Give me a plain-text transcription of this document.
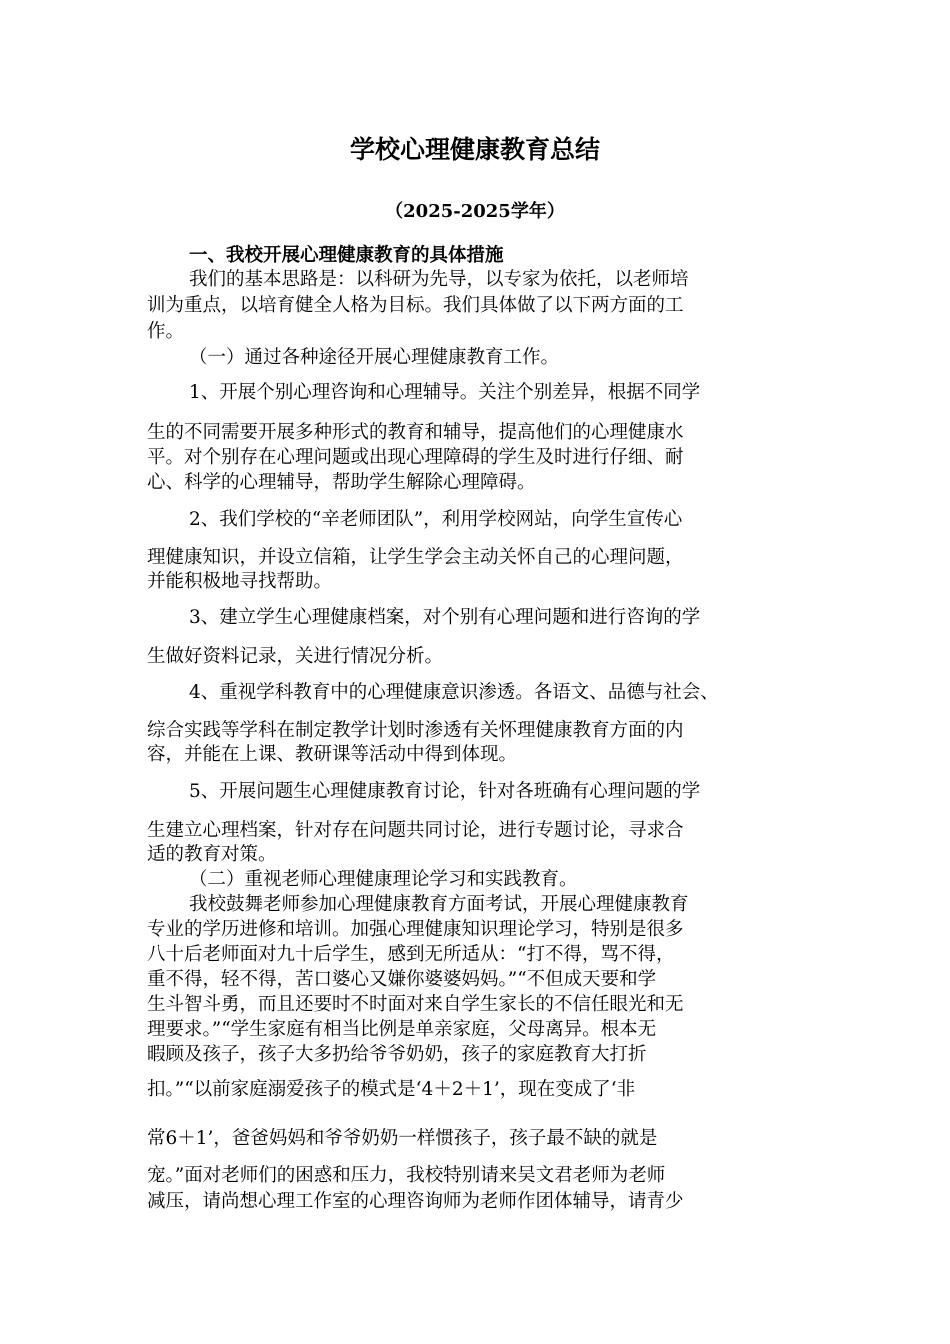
学校心理健康教育总结
（2025-2025学年）
一、我校开展心理健康教育的具体措施
我们的基本思路是：以科研为先导，以专家为依托，以老师培
训为重点，以培育健全人格为目标。我们具体做了以下两方面的工
作。
（一）通过各种途径开展心理健康教育工作。
1、开展个别心理咨询和心理辅导。关注个别差异，根据不同学
生的不同需要开展多种形式的教育和辅导，提高他们的心理健康水
平。对个别存在心理问题或出现心理障碍的学生及时进行仔细、耐
心、科学的心理辅导，帮助学生解除心理障碍。
2、我们学校的“辛老师团队”，利用学校网站，向学生宣传心
理健康知识，并设立信箱，让学生学会主动关怀自己的心理问题，
并能积极地寻找帮助。
3、建立学生心理健康档案，对个别有心理问题和进行咨询的学
生做好资料记录，关进行情况分析。
4、重视学科教育中的心理健康意识渗透。各语文、品德与社会、
综合实践等学科在制定教学计划时渗透有关怀理健康教育方面的内
容，并能在上课、教研课等活动中得到体现。
5、开展问题生心理健康教育讨论，针对各班确有心理问题的学
生建立心理档案，针对存在问题共同讨论，进行专题讨论，寻求合
适的教育对策。
（二）重视老师心理健康理论学习和实践教育。
我校鼓舞老师参加心理健康教育方面考试，开展心理健康教育
专业的学历进修和培训。加强心理健康知识理论学习，特别是很多
八十后老师面对九十后学生，感到无所适从：“打不得，骂不得，
重不得，轻不得，苦口婆心又嫌你婆婆妈妈。”“不但成天要和学
生斗智斗勇，而且还要时不时面对来自学生家长的不信任眼光和无
理要求。”“学生家庭有相当比例是单亲家庭，父母离异。根本无
暇顾及孩子，孩子大多扔给爷爷奶奶，孩子的家庭教育大打折
扣。”“以前家庭溺爱孩子的模式是‘4＋2＋1’，现在变成了‘非
常6＋1’，爸爸妈妈和爷爷奶奶一样惯孩子，孩子最不缺的就是
宠。”面对老师们的困惑和压力，我校特别请来吴文君老师为老师
减压，请尚想心理工作室的心理咨询师为老师作团体辅导，请青少
